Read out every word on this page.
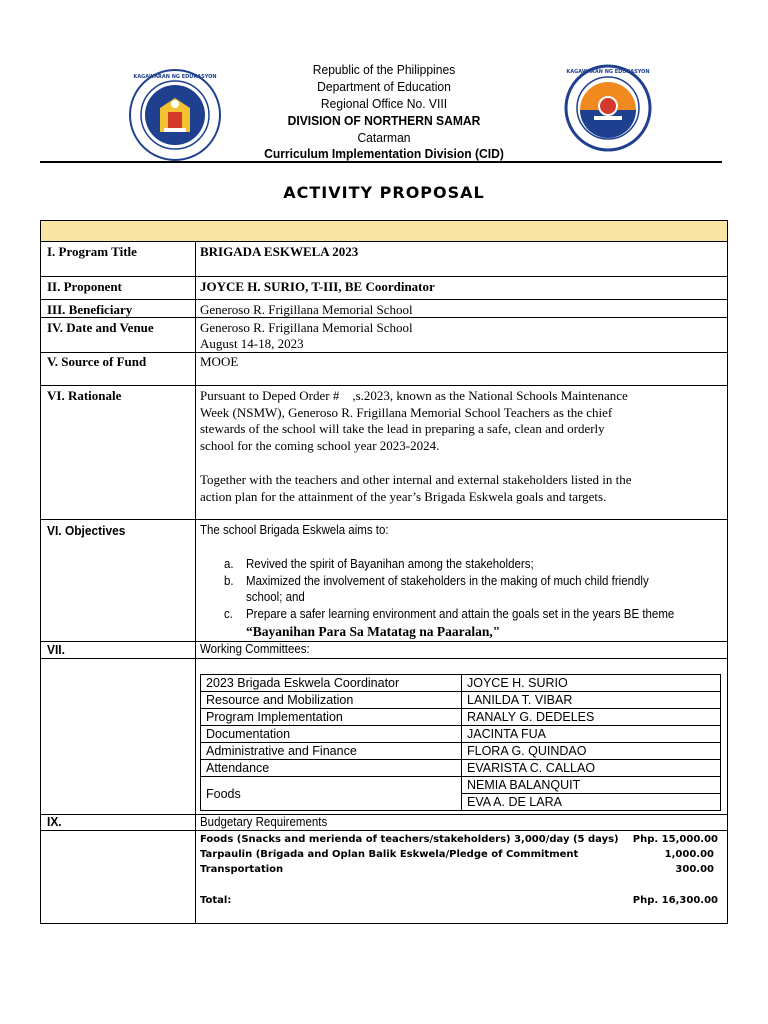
KAGAWARAN NG EDUKASYON
KAGAWARAN NG EDUKASYON
Republic of the Philippines
Department of Education
Regional Office No. VIII
DIVISION OF NORTHERN SAMAR
Catarman
Curriculum Implementation Division (CID)
ACTIVITY PROPOSAL
I. Program Title	BRIGADA ESKWELA 2023
II. Proponent	JOYCE H. SURIO, T-III, BE Coordinator
III. Beneficiary	Generoso R. Frigillana Memorial School
IV. Date and Venue	Generoso R. Frigillana Memorial School
August 14-18, 2023
V. Source of Fund	MOOE
VI. Rationale	Pursuant to Deped Order #    ,s.2023, known as the National Schools Maintenance
Week (NSMW), Generoso R. Frigillana Memorial School Teachers as the chief
stewards of the school will take the lead in preparing a safe, clean and orderly
school for the coming school year 2023-2024.
Together with the teachers and other internal and external stakeholders listed in the
action plan for the attainment of the year’s Brigada Eskwela goals and targets.
VI. Objectives	The school Brigada Eskwela aims to:
a. Revived the spirit of Bayanihan among the stakeholders;
b. Maximized the involvement of stakeholders in the making of much child friendly
school; and
c. Prepare a safer learning environment and attain the goals set in the years BE theme
“Bayanihan Para Sa Matatag na Paaralan,"
VII.	Working Committees:
2023 Brigada Eskwela Coordinator	JOYCE H. SURIO
Resource and Mobilization	LANILDA T. VIBAR
Program Implementation	RANALY G. DEDELES
Documentation	JACINTA FUA
Administrative and Finance	FLORA G. QUINDAO
Attendance	EVARISTA C. CALLAO
Foods	NEMIA BALANQUIT
	EVA A. DE LARA
IX.	Budgetary Requirements
Foods (Snacks and merienda of teachers/stakeholders) 3,000/day (5 days) Php. 15,000.00
Tarpaulin (Brigada and Oplan Balik Eskwela/Pledge of Commitment	1,000.00
Transportation	300.00
Total:	Php. 16,300.00
